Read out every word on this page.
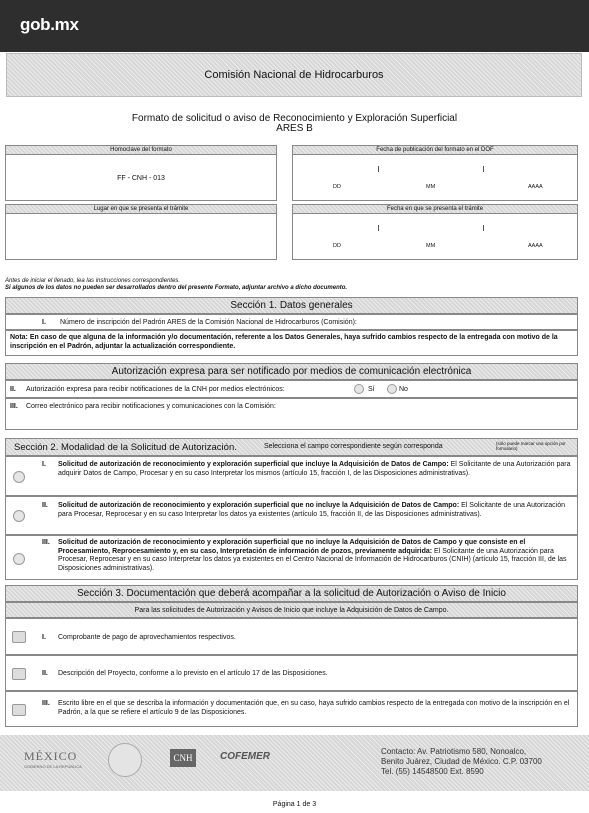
gob.mx
Comisión Nacional de Hidrocarburos
Formato de solicitud o aviso de Reconocimiento y Exploración Superficial
ARES B
Homoclave del formato
FF - CNH - 013
Lugar en que se presenta el trámite
Fecha de publicación del formato en el DOF
DD	MM	AAAA
Fecha en que se presenta el trámite
DD	MM	AAAA
Antes de iniciar el llenado, lea las instrucciones correspondientes.
Si algunos de los datos no pueden ser desarrollados dentro del presente Formato, adjuntar archivo a dicho documento.
Sección 1. Datos generales
I. Número de inscripción del Padrón ARES de la Comisión Nacional de Hidrocarburos (Comisión):
Nota: En caso de que alguna de la información y/o documentación, referente a los Datos Generales, haya sufrido cambios respecto de la entregada con motivo de la inscripción en el Padrón, adjuntar la actualización correspondiente.
Autorización expresa para ser notificado por medios de comunicación electrónica
II. Autorización expresa para recibir notificaciones de la CNH por medios electrónicos:	Sí	No
III. Correo electrónico para recibir notificaciones y comunicaciones con la Comisión:
Sección 2. Modalidad de la Solicitud de Autorización.	Selecciona el campo correspondiente según corresponda	(sólo puede marcar una opción por formulario)
I. Solicitud de autorización de reconocimiento y exploración superficial que incluye la Adquisición de Datos de Campo: El Solicitante de una Autorización para adquirir Datos de Campo, Procesar y en su caso Interpretar los mismos (artículo 15, fracción I, de las Disposiciones administrativas).
II. Solicitud de autorización de reconocimiento y exploración superficial que no incluye la Adquisición de Datos de Campo: El Solicitante de una Autorización para Procesar, Reprocesar y en su caso Interpretar los datos ya existentes (artículo 15, fracción II, de las Disposiciones administrativas).
III. Solicitud de autorización de reconocimiento y exploración superficial que no incluye la Adquisición de Datos de Campo y que consiste en el Procesamiento, Reprocesamiento y, en su caso, Interpretación de información de pozos, previamente adquirida: El Solicitante de una Autorización para Procesar, Reprocesar y en su caso Interpretar los datos ya existentes en el Centro Nacional de Información de Hidrocarburos (CNIH) (artículo 15, fracción III, de las Disposiciones administrativas).
Sección 3. Documentación que deberá acompañar a la solicitud de Autorización o Aviso de Inicio
Para las solicitudes de Autorización y Avisos de Inicio que incluye la Adquisición de Datos de Campo.
I. Comprobante de pago de aprovechamientos respectivos.
II. Descripción del Proyecto, conforme a lo previsto en el artículo 17 de las Disposiciones.
III. Escrito libre en el que se describa la información y documentación que, en su caso, haya sufrido cambios respecto de la entregada con motivo de la inscripción en el Padrón, a la que se refiere el artículo 9 de las Disposiciones.
MÉXICO
GOBIERNO DE LA REPÚBLICA
CNH	COFEMER	Contacto: Av. Patriotismo 580, Nonoalco,
Benito Juárez, Ciudad de México. C.P. 03700
Tel. (55) 14548500 Ext. 8590
Página 1 de 3
